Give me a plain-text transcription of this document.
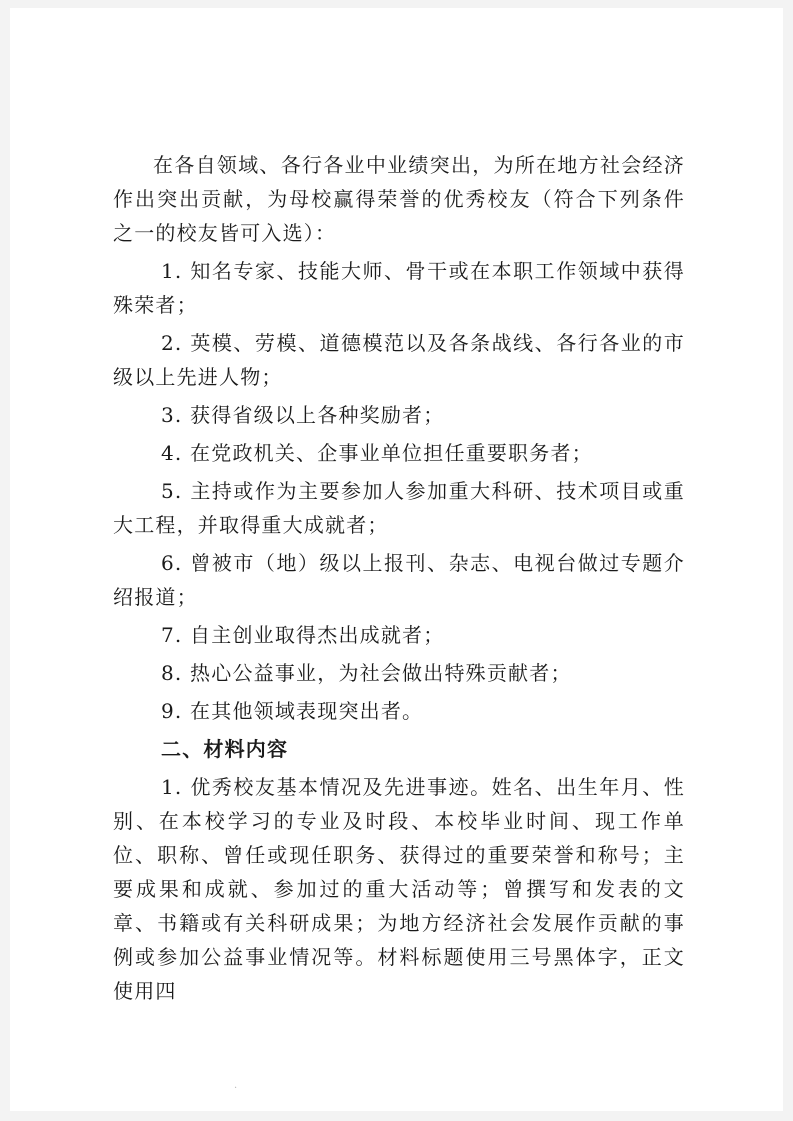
在各自领域、各行各业中业绩突出，为所在地方社会经济作出突出贡献，为母校赢得荣誉的优秀校友（符合下列条件之一的校友皆可入选）：

1. 知名专家、技能大师、骨干或在本职工作领域中获得殊荣者；

2. 英模、劳模、道德模范以及各条战线、各行各业的市级以上先进人物；

3. 获得省级以上各种奖励者；

4. 在党政机关、企事业单位担任重要职务者；

5. 主持或作为主要参加人参加重大科研、技术项目或重大工程，并取得重大成就者；

6. 曾被市（地）级以上报刊、杂志、电视台做过专题介绍报道；

7. 自主创业取得杰出成就者；

8. 热心公益事业，为社会做出特殊贡献者；

9. 在其他领域表现突出者。

二、材料内容

1. 优秀校友基本情况及先进事迹。姓名、出生年月、性别、在本校学习的专业及时段、本校毕业时间、现工作单位、职称、曾任或现任职务、获得过的重要荣誉和称号；主要成果和成就、参加过的重大活动等；曾撰写和发表的文章、书籍或有关科研成果；为地方经济社会发展作贡献的事例或参加公益事业情况等。材料标题使用三号黑体字，正文使用四

·
